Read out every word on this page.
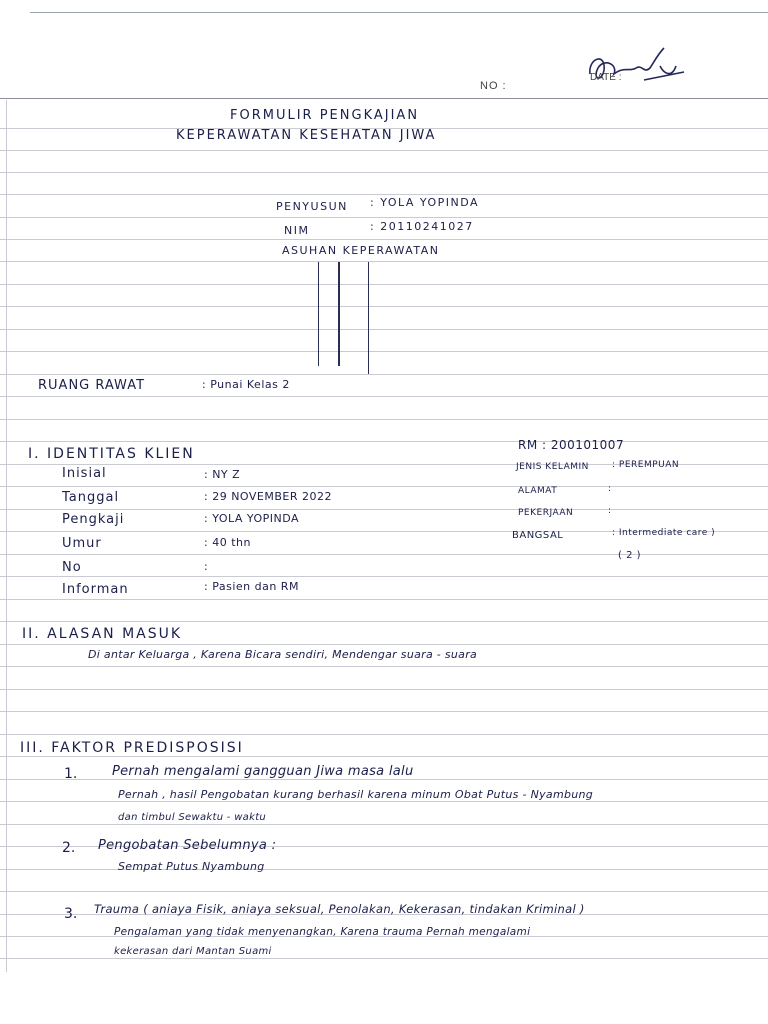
NO :
DATE :
FORMULIR PENGKAJIAN
KEPERAWATAN KESEHATAN JIWA
PENYUSUN : YOLA YOPINDA
NIM	: 20110241027
ASUHAN KEPERAWATAN
RUANG RAWAT	: Punai Kelas 2
I. IDENTITAS KLIEN
RM : 200101007
Inisial	: NY Z
Tanggal	: 29 NOVEMBER 2022
Pengkaji	: YOLA YOPINDA
Umur	: 40 thn
No	:
Informan	: Pasien dan RM
JENIS KELAMIN	: PEREMPUAN
ALAMAT	:
PEKERJAAN	:
BANGSAL	: Intermediate care )
( 2 )
II. ALASAN MASUK
Di antar Keluarga , Karena Bicara sendiri, Mendengar suara - suara
III. FAKTOR PREDISPOSISI
1.	Pernah mengalami gangguan Jiwa masa lalu
Pernah , hasil Pengobatan kurang berhasil karena minum Obat Putus - Nyambung
dan timbul Sewaktu - waktu
2. Pengobatan Sebelumnya :
Sempat Putus Nyambung
3. Trauma ( aniaya Fisik, aniaya seksual, Penolakan, Kekerasan, tindakan Kriminal )
Pengalaman yang tidak menyenangkan, Karena trauma Pernah mengalami
kekerasan dari Mantan Suami
